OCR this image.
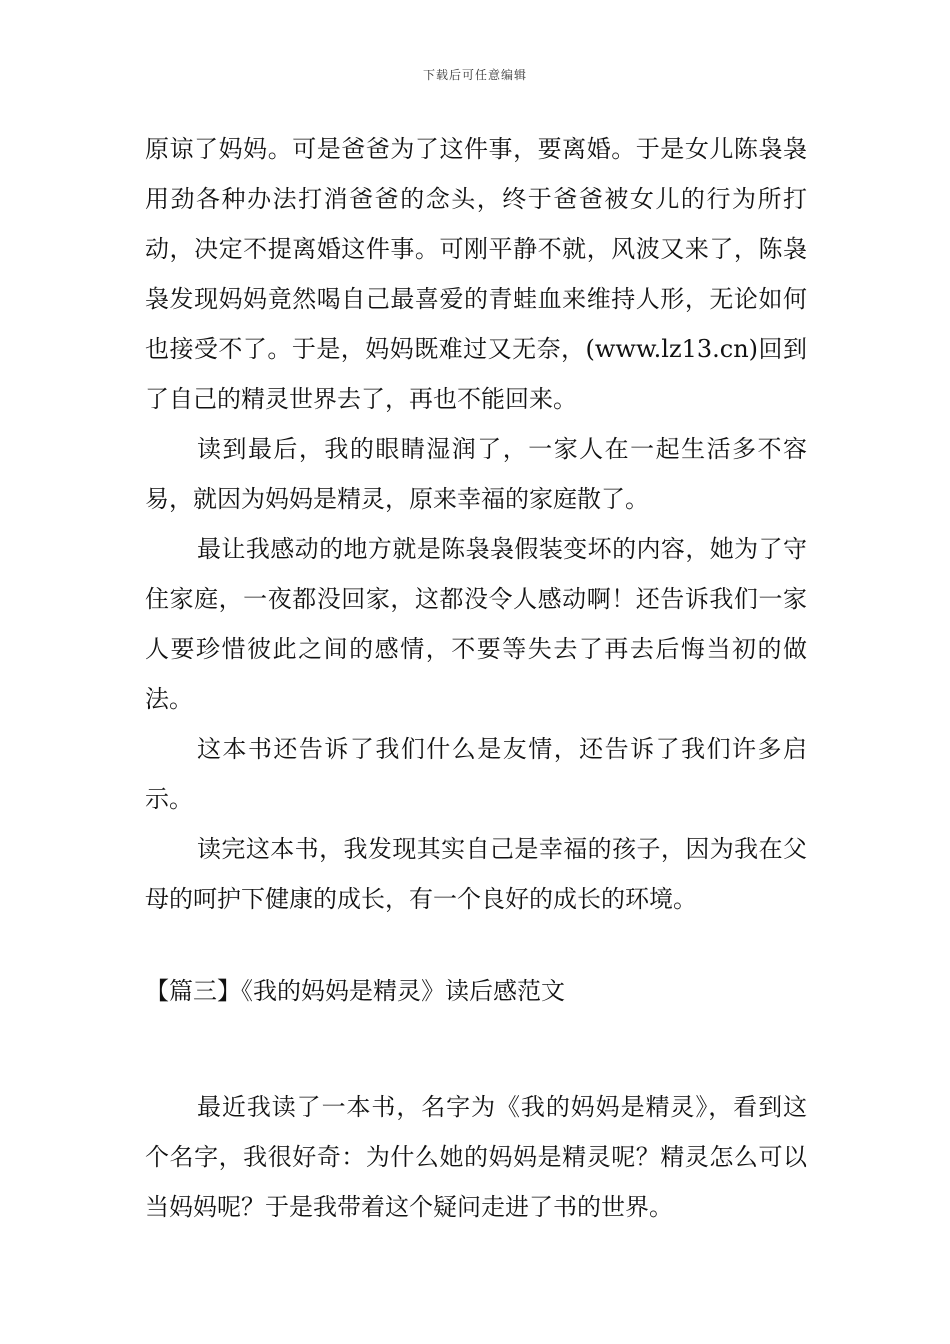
下载后可任意编辑

原谅了妈妈。可是爸爸为了这件事，要离婚。于是女儿陈袅袅用劲各种办法打消爸爸的念头，终于爸爸被女儿的行为所打动，决定不提离婚这件事。可刚平静不就，风波又来了，陈袅袅发现妈妈竟然喝自己最喜爱的青蛙血来维持人形，无论如何也接受不了。于是，妈妈既难过又无奈，(www.lz13.cn)回到了自己的精灵世界去了，再也不能回来。

读到最后，我的眼睛湿润了，一家人在一起生活多不容易，就因为妈妈是精灵，原来幸福的家庭散了。

最让我感动的地方就是陈袅袅假装变坏的内容，她为了守住家庭，一夜都没回家，这都没令人感动啊！还告诉我们一家人要珍惜彼此之间的感情，不要等失去了再去后悔当初的做法。

这本书还告诉了我们什么是友情，还告诉了我们许多启示。

读完这本书，我发现其实自己是幸福的孩子，因为我在父母的呵护下健康的成长，有一个良好的成长的环境。

【篇三】《我的妈妈是精灵》读后感范文

最近我读了一本书，名字为《我的妈妈是精灵》，看到这个名字，我很好奇：为什么她的妈妈是精灵呢？精灵怎么可以当妈妈呢？于是我带着这个疑问走进了书的世界。
